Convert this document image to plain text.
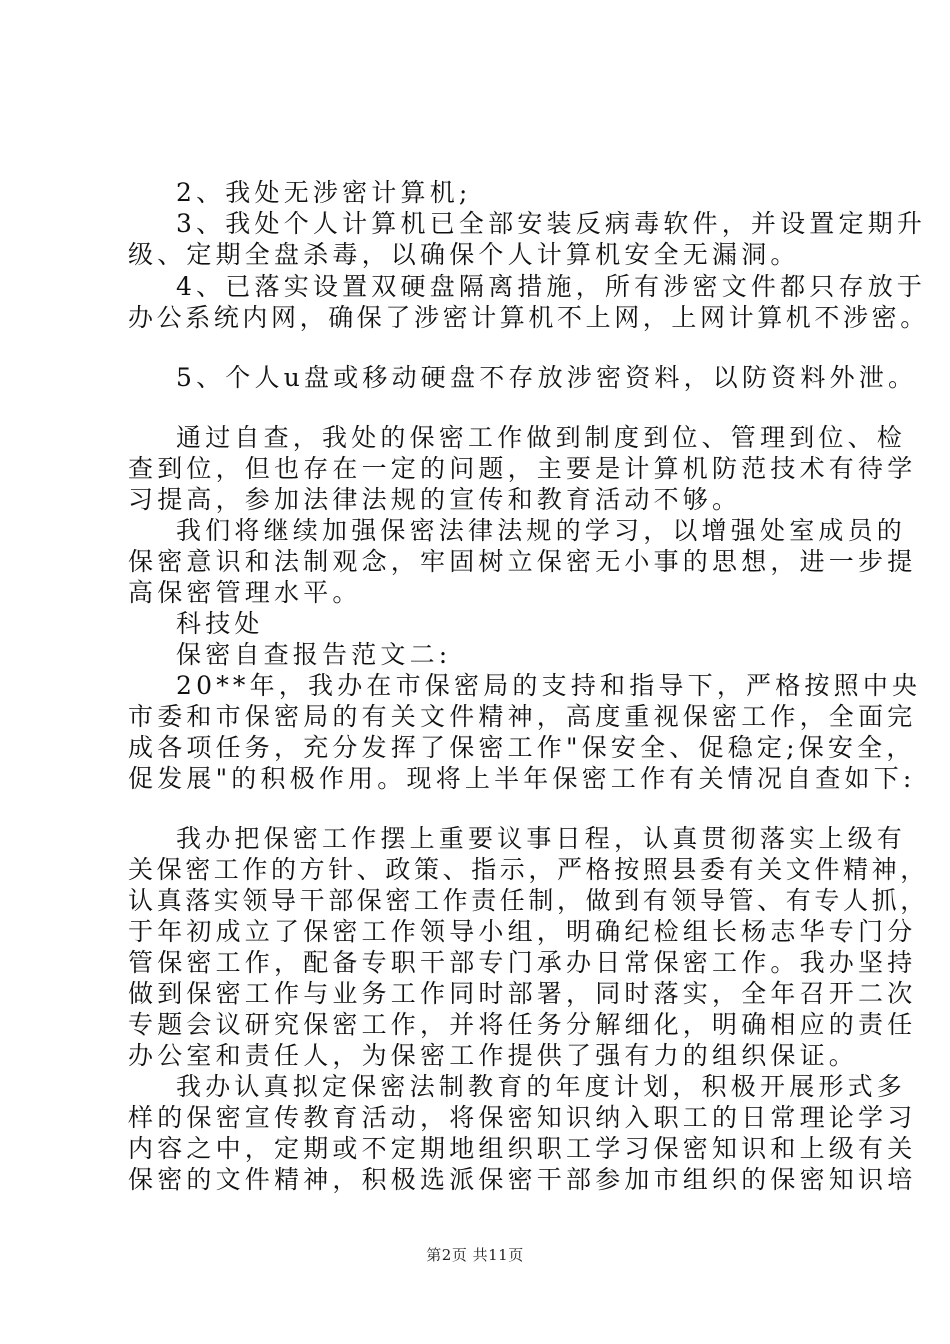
2、我处无涉密计算机;
3、我处个人计算机已全部安装反病毒软件，并设置定期升
级、定期全盘杀毒，以确保个人计算机安全无漏洞。
4、已落实设置双硬盘隔离措施，所有涉密文件都只存放于
办公系统内网，确保了涉密计算机不上网，上网计算机不涉密。
5、个人u盘或移动硬盘不存放涉密资料，以防资料外泄。
通过自查，我处的保密工作做到制度到位、管理到位、检
查到位，但也存在一定的问题，主要是计算机防范技术有待学
习提高，参加法律法规的宣传和教育活动不够。
我们将继续加强保密法律法规的学习，以增强处室成员的
保密意识和法制观念，牢固树立保密无小事的思想，进一步提
高保密管理水平。
科技处
保密自查报告范文二:
20**年，我办在市保密局的支持和指导下，严格按照中央
市委和市保密局的有关文件精神，高度重视保密工作，全面完
成各项任务，充分发挥了保密工作"保安全、促稳定;保安全，
促发展"的积极作用。现将上半年保密工作有关情况自查如下:
我办把保密工作摆上重要议事日程，认真贯彻落实上级有
关保密工作的方针、政策、指示，严格按照县委有关文件精神，
认真落实领导干部保密工作责任制，做到有领导管、有专人抓，
于年初成立了保密工作领导小组，明确纪检组长杨志华专门分
管保密工作，配备专职干部专门承办日常保密工作。我办坚持
做到保密工作与业务工作同时部署，同时落实，全年召开二次
专题会议研究保密工作，并将任务分解细化，明确相应的责任
办公室和责任人，为保密工作提供了强有力的组织保证。
我办认真拟定保密法制教育的年度计划，积极开展形式多
样的保密宣传教育活动，将保密知识纳入职工的日常理论学习
内容之中，定期或不定期地组织职工学习保密知识和上级有关
保密的文件精神，积极选派保密干部参加市组织的保密知识培
第2页 共11页
